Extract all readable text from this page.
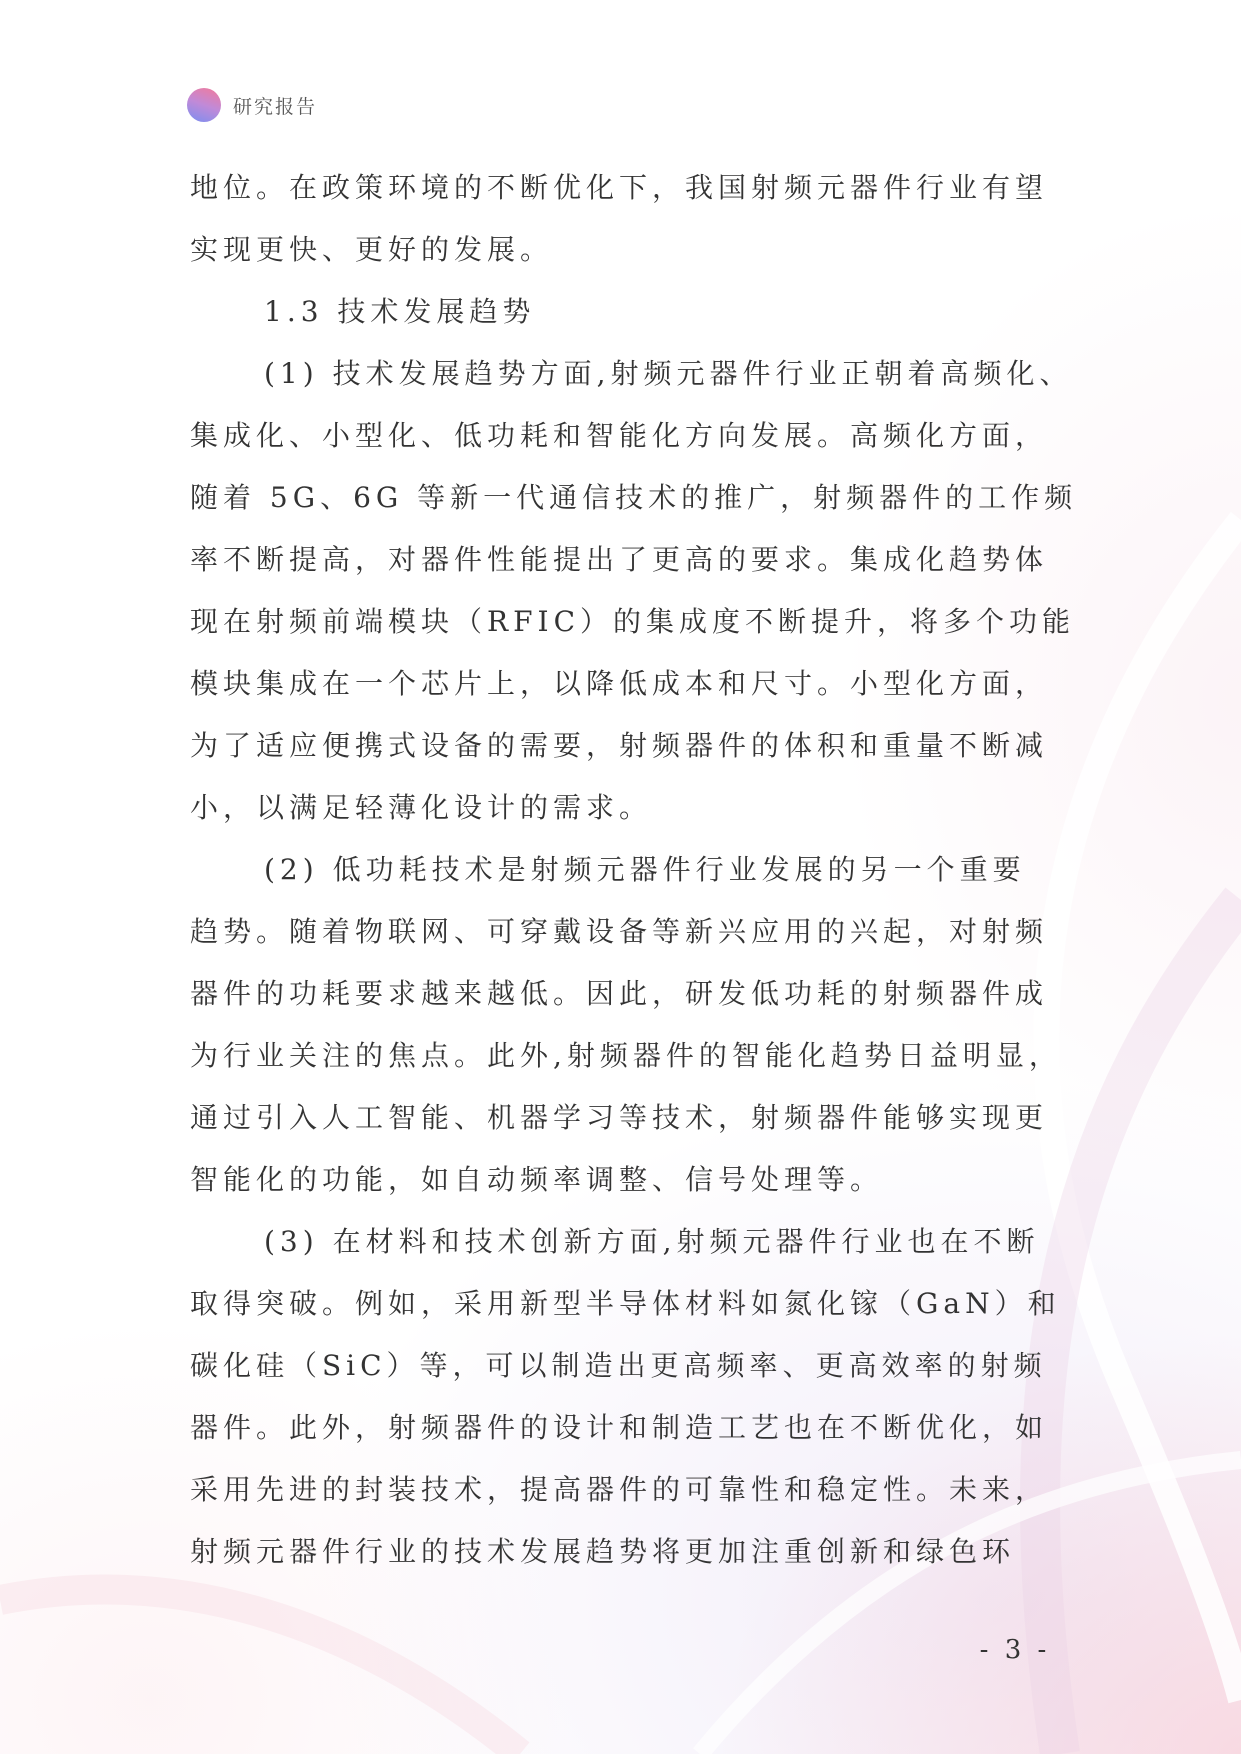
研究报告
地位。在政策环境的不断优化下，我国射频元器件行业有望
实现更快、更好的发展。
1.3 技术发展趋势
(1) 技术发展趋势方面,射频元器件行业正朝着高频化、
集成化、小型化、低功耗和智能化方向发展。高频化方面，
随着 5G、6G 等新一代通信技术的推广，射频器件的工作频
率不断提高，对器件性能提出了更高的要求。集成化趋势体
现在射频前端模块（RFIC）的集成度不断提升，将多个功能
模块集成在一个芯片上，以降低成本和尺寸。小型化方面，
为了适应便携式设备的需要，射频器件的体积和重量不断减
小，以满足轻薄化设计的需求。
(2) 低功耗技术是射频元器件行业发展的另一个重要
趋势。随着物联网、可穿戴设备等新兴应用的兴起，对射频
器件的功耗要求越来越低。因此，研发低功耗的射频器件成
为行业关注的焦点。此外,射频器件的智能化趋势日益明显，
通过引入人工智能、机器学习等技术，射频器件能够实现更
智能化的功能，如自动频率调整、信号处理等。
(3) 在材料和技术创新方面,射频元器件行业也在不断
取得突破。例如，采用新型半导体材料如氮化镓（GaN）和
碳化硅（SiC）等，可以制造出更高频率、更高效率的射频
器件。此外，射频器件的设计和制造工艺也在不断优化，如
采用先进的封装技术，提高器件的可靠性和稳定性。未来，
射频元器件行业的技术发展趋势将更加注重创新和绿色环
- 3 -
